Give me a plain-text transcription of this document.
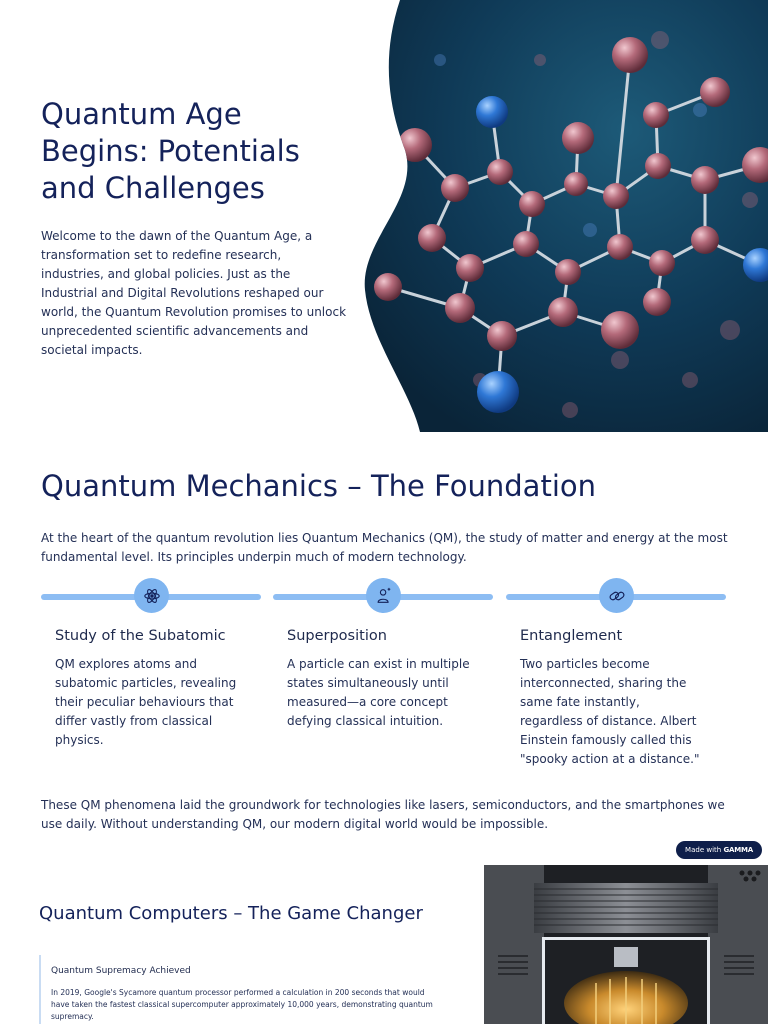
Quantum Age Begins: Potentials and Challenges

Welcome to the dawn of the Quantum Age, a transformation set to redefine research, industries, and global policies. Just as the Industrial and Digital Revolutions reshaped our world, the Quantum Revolution promises to unlock unprecedented scientific advancements and societal impacts.

Quantum Mechanics – The Foundation

At the heart of the quantum revolution lies Quantum Mechanics (QM), the study of matter and energy at the most fundamental level. Its principles underpin much of modern technology.

Study of the Subatomic

QM explores atoms and subatomic particles, revealing their peculiar behaviours that differ vastly from classical physics.

Superposition

A particle can exist in multiple states simultaneously until measured—a core concept defying classical intuition.

Entanglement

Two particles become interconnected, sharing the same fate instantly, regardless of distance. Albert Einstein famously called this "spooky action at a distance."

These QM phenomena laid the groundwork for technologies like lasers, semiconductors, and the smartphones we use daily. Without understanding QM, our modern digital world would be impossible.

Made with GAMMA
Quantum Computers – The Game Changer
Quantum Supremacy Achieved

In 2019, Google's Sycamore quantum processor performed a calculation in 200 seconds that would have taken the fastest classical supercomputer approximately 10,000 years, demonstrating quantum supremacy.
